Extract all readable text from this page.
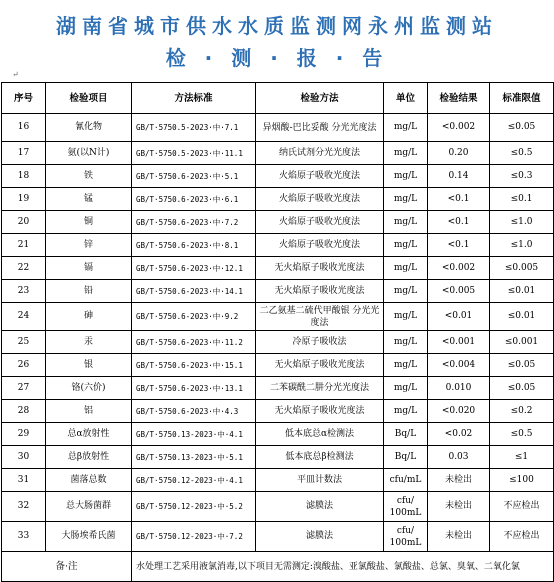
湖南省城市供水水质监测网永州监测站
检 · 测 · 报 · 告
↵
序号	检验项目	方法标准	检验方法	单位	检验结果	标准限值
16	氰化物	GB/T·5750.5-2023·中·7.1	异烟酸-巴比妥酸 分光光度法	mg/L	<0.002	≤0.05
17	氨(以N计)	GB/T·5750.5-2023·中·11.1	纳氏试剂分光光度法	mg/L	0.20	≤0.5
18	铁	GB/T·5750.6-2023·中·5.1	火焰原子吸收光度法	mg/L	0.14	≤0.3
19	锰	GB/T·5750.6-2023·中·6.1	火焰原子吸收光度法	mg/L	<0.1	≤0.1
20	铜	GB/T·5750.6-2023·中·7.2	火焰原子吸收光度法	mg/L	<0.1	≤1.0
21	锌	GB/T·5750.6-2023·中·8.1	火焰原子吸收光度法	mg/L	<0.1	≤1.0
22	镉	GB/T·5750.6-2023·中·12.1	无火焰原子吸收光度法	mg/L	<0.002	≤0.005
23	铅	GB/T·5750.6-2023·中·14.1	无火焰原子吸收光度法	mg/L	<0.005	≤0.01
24	砷	GB/T·5750.6-2023·中·9.2	二乙氨基二硫代甲酸银 分光光度法	mg/L	<0.01	≤0.01
25	汞	GB/T·5750.6-2023·中·11.2	冷原子吸收法	mg/L	<0.001	≤0.001
26	银	GB/T·5750.6-2023·中·15.1	无火焰原子吸收光度法	mg/L	<0.004	≤0.05
27	铬(六价)	GB/T·5750.6-2023·中·13.1	二苯碳酰二肼分光光度法	mg/L	0.010	≤0.05
28	铝	GB/T·5750.6-2023·中·4.3	无火焰原子吸收光度法	mg/L	<0.020	≤0.2
29	总α放射性	GB/T·5750.13-2023·中·4.1	低本底总α检测法	Bq/L	<0.02	≤0.5
30	总β放射性	GB/T·5750.13-2023·中·5.1	低本底总β检测法	Bq/L	0.03	≤1
31	菌落总数	GB/T·5750.12-2023·中·4.1	平皿计数法	cfu/mL	未检出	≤100
32	总大肠菌群	GB/T·5750.12-2023·中·5.2	滤膜法	cfu/ 100mL	未检出	不应检出
33	大肠埃希氏菌	GB/T·5750.12-2023·中·7.2	滤膜法	cfu/ 100mL	未检出	不应检出
备·注		水处理工艺采用液氯消毒,以下项目无需测定:溴酸盐、亚氯酸盐、氯酸盐、总氯、臭氧、二氧化氯				
